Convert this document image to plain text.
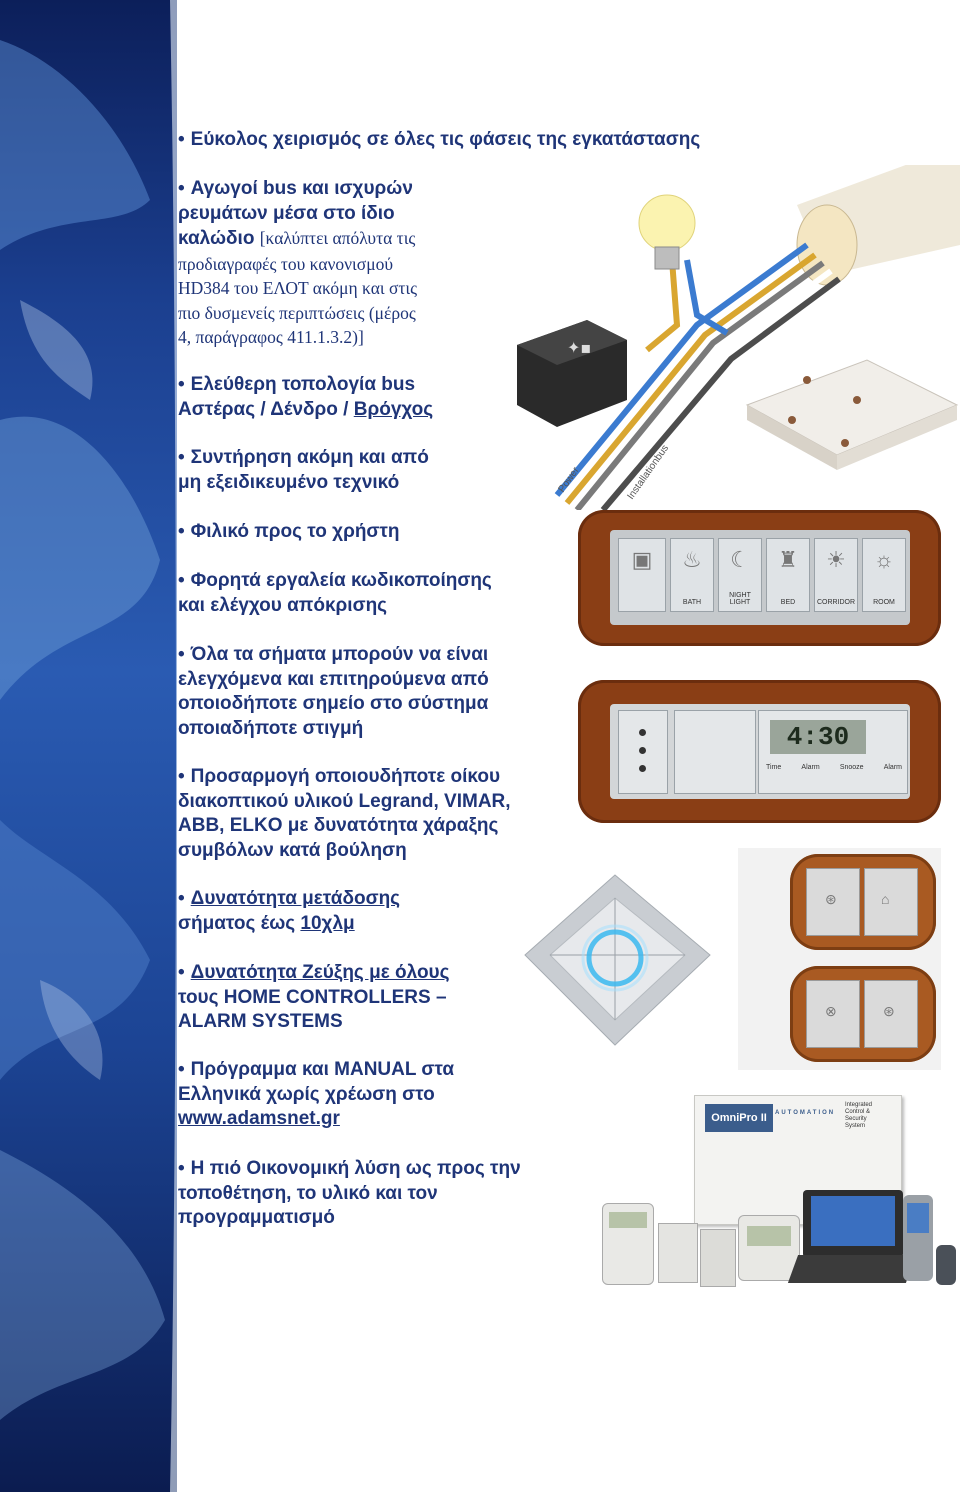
• Εύκολος χειρισμός σε όλες τις φάσεις της εγκατάστασης
• Αγωγοί bus και ισχυρών
ρευμάτων μέσα στο ίδιο
καλώδιο [καλύπτει απόλυτα τις
προδιαγραφές του κανονισμού
HD384 του ΕΛΟΤ ακόμη και στις
πιο δυσμενείς περιπτώσεις (μέρος
4, παράγραφος 411.1.3.2)]
• Ελεύθερη τοπολογία bus
Αστέρας / Δένδρο / Βρόγχος
• Συντήρηση ακόμη και από
μη εξειδικευμένο τεχνικό
• Φιλικό προς το χρήστη
• Φορητά εργαλεία κωδικοποίησης
και ελέγχου απόκρισης
• Όλα τα σήματα μπορούν να είναι
ελεγχόμενα και επιτηρούμενα από
οποιοδήποτε σημείο στο σύστημα
οποιαδήποτε στιγμή
• Προσαρμογή οποιουδήποτε οίκου
διακοπτικού υλικού Legrand, VIMAR,
ABB, ELKO με δυνατότητα χάραξης
συμβόλων κατά βούληση
• Δυνατότητα μετάδοσης
σήματος έως 10χλμ
• Δυνατότητα Ζεύξης με όλους
τους HOME CONTROLLERS –
ALARM SYSTEMS
• Πρόγραμμα και MANUAL στα
Ελληνικά χωρίς χρέωση στο
www.adamsnet.gr
• Η πιό Οικονομική λύση ως προς την
τοποθέτηση, το υλικό και τον
προγραμματισμό
✦▪
Power	Installationbus
▣ ♨
BATH
☾
NIGHT LIGHT
♜
BED
☀
CORRIDOR
☼
ROOM
4:30
Time	Alarm	Snooze	Alarm
⊛	⌂
⊗	⊛
OmniPro II	AUTOMATION
Integrated
Control &
Security
System
